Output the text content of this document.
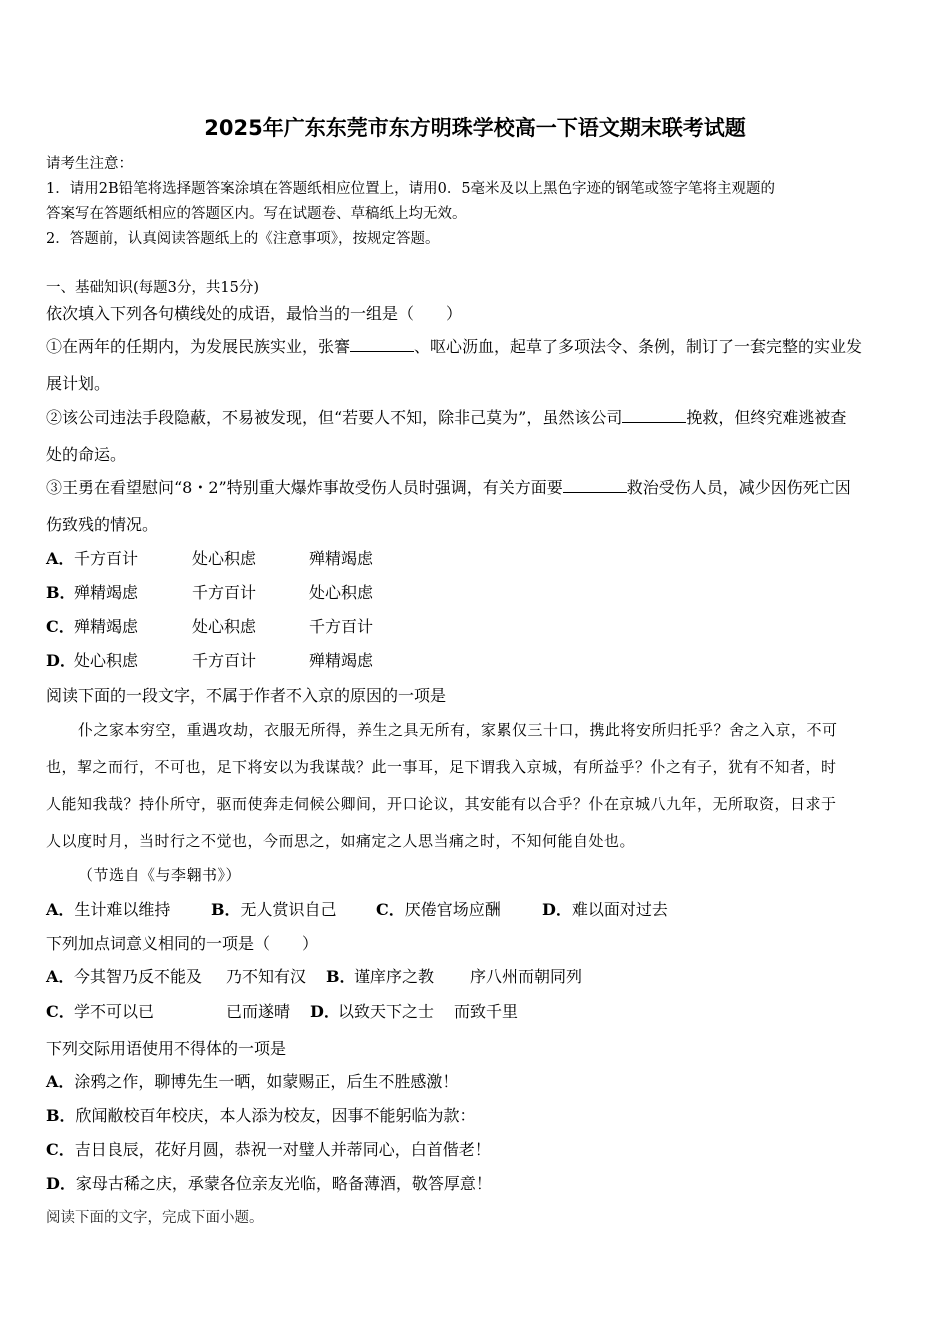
2025年广东东莞市东方明珠学校高一下语文期末联考试题
请考生注意：
1．请用2B铅笔将选择题答案涂填在答题纸相应位置上，请用0．5毫米及以上黑色字迹的钢笔或签字笔将主观题的
答案写在答题纸相应的答题区内。写在试题卷、草稿纸上均无效。
2．答题前，认真阅读答题纸上的《注意事项》，按规定答题。
一、基础知识(每题3分，共15分)
依次填入下列各句横线处的成语，最恰当的一组是（　　）
①在两年的任期内，为发展民族实业，张謇	、呕心沥血，起草了多项法令、条例，制订了一套完整的实业发
展计划。
②该公司违法手段隐蔽，不易被发现，但“若要人不知，除非己莫为”，虽然该公司	挽救，但终究难逃被查
处的命运。
③王勇在看望慰问“8・2”特别重大爆炸事故受伤人员时强调，有关方面要	救治受伤人员，减少因伤死亡因
伤致残的情况。
A． 千方百计	处心积虑	殚精竭虑
B．
殚精竭虑	千方百计	处心积虑
C． 殚精竭虑	处心积虑	千方百计
D．
处心积虑	千方百计	殚精竭虑
阅读下面的一段文字，不属于作者不入京的原因的一项是
仆之家本穷空，重遇攻劫，衣服无所得，养生之具无所有，家累仅三十口，携此将安所归托乎？舍之入京，不可
也，挈之而行，不可也，足下将安以为我谋哉？此一事耳，足下谓我入京城，有所益乎？仆之有子，犹有不知者，时
人能知我哉？持仆所守，驱而使奔走伺候公卿间，开口论议，其安能有以合乎？仆在京城八九年，无所取资，日求于
人以度时月，当时行之不觉也，今而思之，如痛定之人思当痛之时，不知何能自处也。
（节选自《与李翱书》）
A．生计难以维持	B．无人赏识自己 C．厌倦官场应酬	D．难以面对过去
下列加点词意义相同的一项是（　　）
A． 今其智乃反不能及 乃不知有汉 B．
谨庠序之教 序八州而朝同列
C． 学不可以已	已而遂晴 D．
以致天下之士 而致千里
下列交际用语使用不得体的一项是
A．涂鸦之作，聊博先生一晒，如蒙赐正，后生不胜感激！
B．欣闻敝校百年校庆，本人添为校友，因事不能躬临为款：
C．吉日良辰，花好月圆，恭祝一对璧人并蒂同心，白首偕老！
D．家母古稀之庆，承蒙各位亲友光临，略备薄酒，敬答厚意！
阅读下面的文字，完成下面小题。
